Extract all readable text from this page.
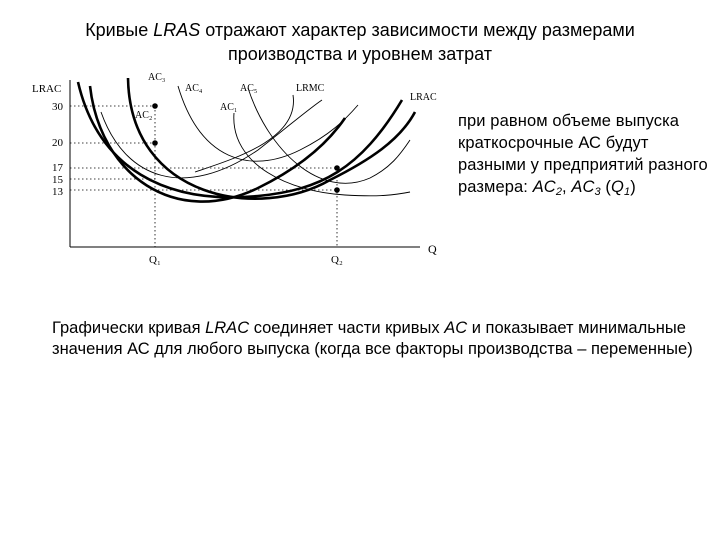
Кривые LRAS отражают характер зависимости между размерами
производства и уровнем затрат
LRAC
Q
30
20
17
15
13
Q₁	Q₂
AC₃
AC₄	AC₅
AC₂
AC₁
LRMC
LRAC
при равном объеме выпуска краткосрочные АС будут разными у предприятий разного размера: $AC_2$, $AC_3$ $(Q_1)$
Графически кривая LRAC соединяет части кривых AC и показывает минимальные значения АС для любого выпуска (когда все факторы производства – переменные)
